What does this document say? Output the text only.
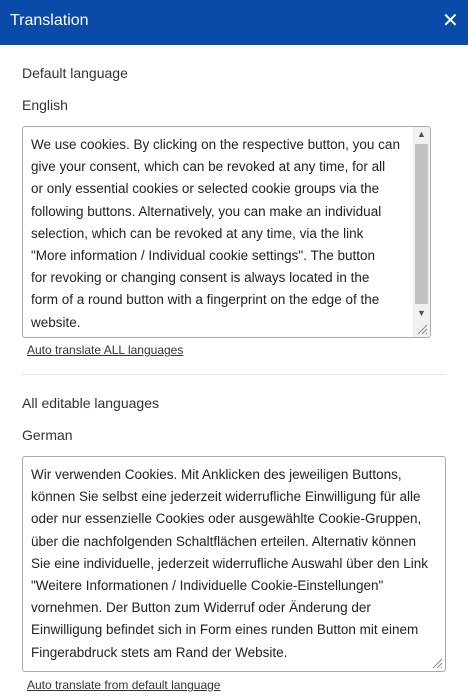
Translation	✕
Default language
English
We use cookies. By clicking on the respective button, you can
give your consent, which can be revoked at any time, for all
or only essential cookies or selected cookie groups via the
following buttons. Alternatively, you can make an individual
selection, which can be revoked at any time, via the link
"More information / Individual cookie settings". The button
for revoking or changing consent is always located in the
form of a round button with a fingerprint on the edge of the
website.
▲
▼
Auto translate ALL languages
All editable languages
German
Wir verwenden Cookies. Mit Anklicken des jeweiligen Buttons,
können Sie selbst eine jederzeit widerrufliche Einwilligung für alle
oder nur essenzielle Cookies oder ausgewählte Cookie-Gruppen,
über die nachfolgenden Schaltflächen erteilen. Alternativ können
Sie eine individuelle, jederzeit widerrufliche Auswahl über den Link
"Weitere Informationen / Individuelle Cookie-Einstellungen"
vornehmen. Der Button zum Widerruf oder Änderung der
Einwilligung befindet sich in Form eines runden Button mit einem
Fingerabdruck stets am Rand der Website.
Auto translate from default language
